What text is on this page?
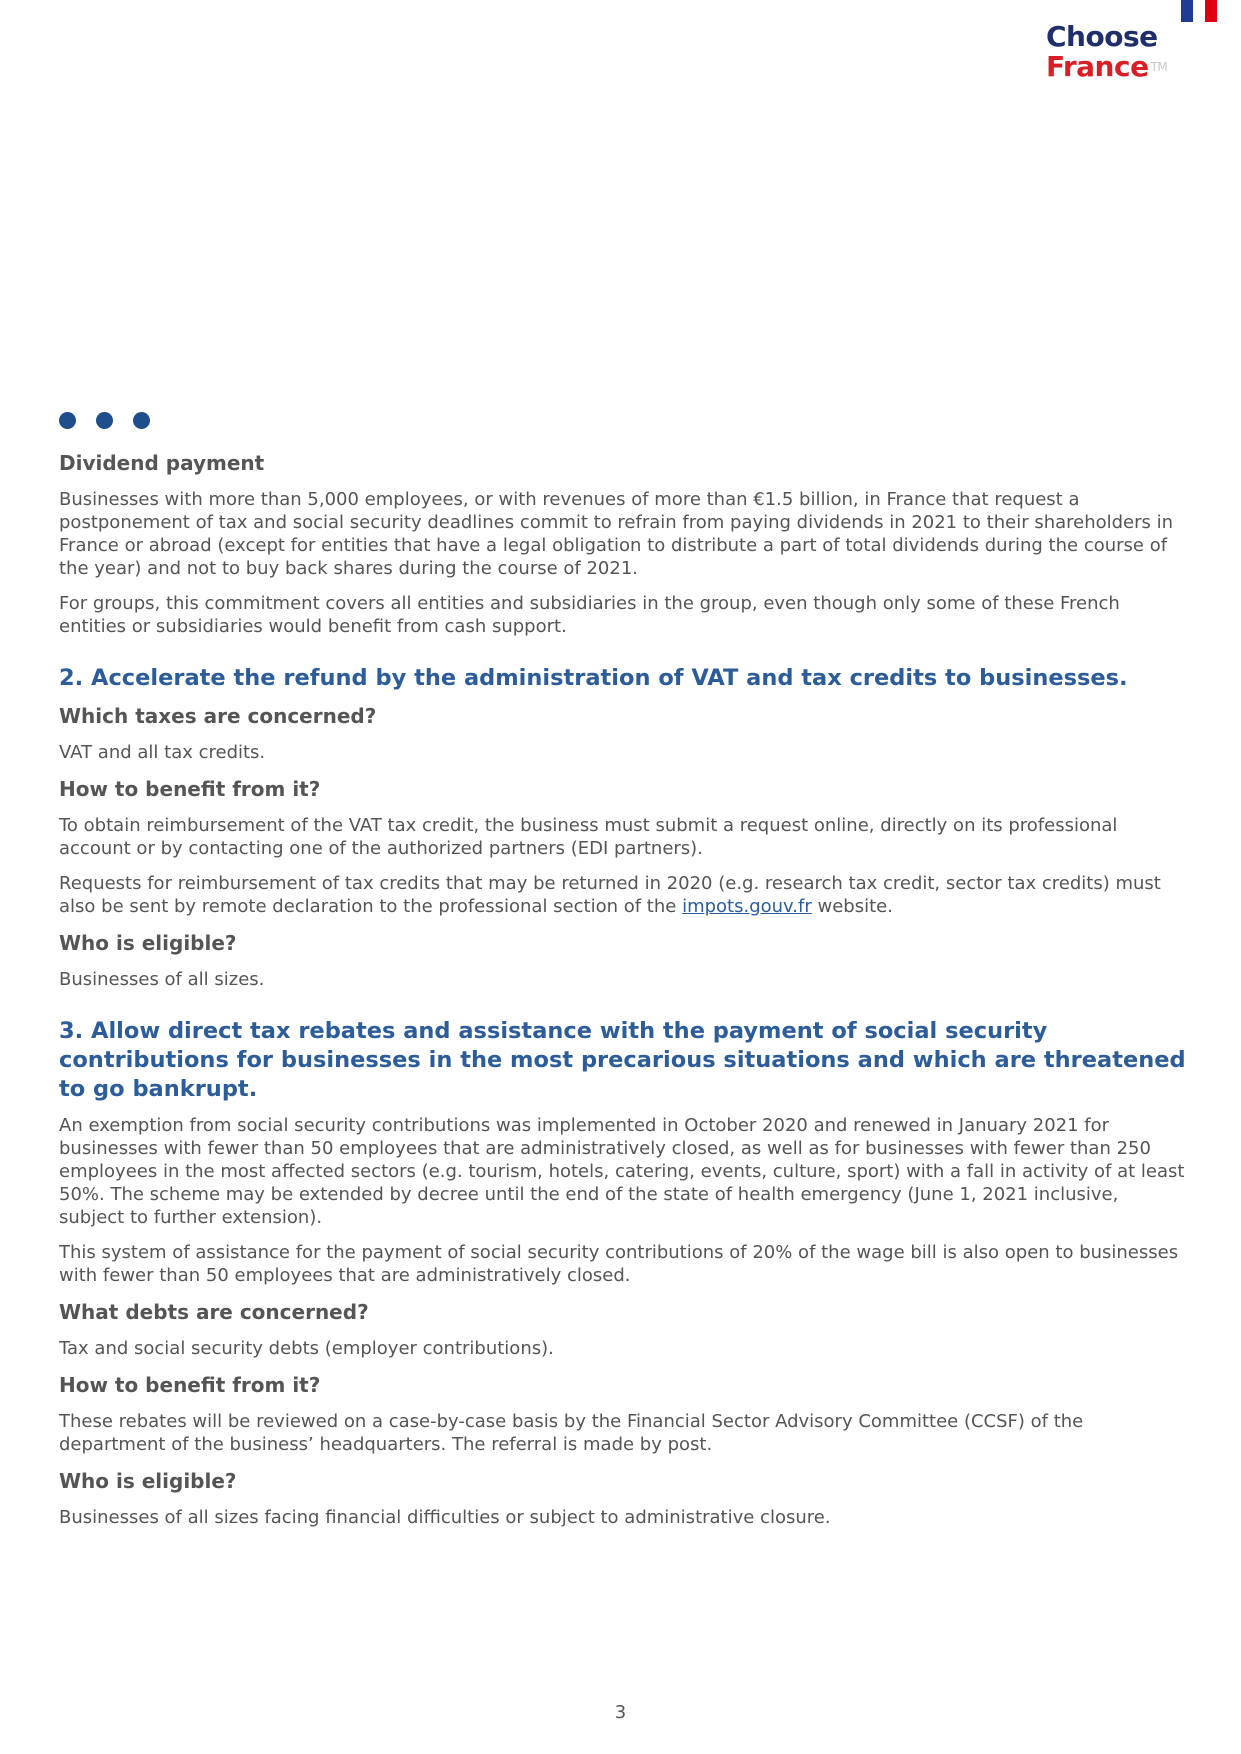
Choose
France ™
Dividend payment

Businesses with more than 5,000 employees, or with revenues of more than €1.5 billion, in France that request a postponement of tax and social security deadlines commit to refrain from paying dividends in 2021 to their shareholders in France or abroad (except for entities that have a legal obligation to distribute a part of total dividends during the course of the year) and not to buy back shares during the course of 2021.

For groups, this commitment covers all entities and subsidiaries in the group, even though only some of these French entities or subsidiaries would benefit from cash support.

2. Accelerate the refund by the administration of VAT and tax credits to businesses.
Which taxes are concerned?

VAT and all tax credits.

How to benefit from it?

To obtain reimbursement of the VAT tax credit, the business must submit a request online, directly on its professional account or by contacting one of the authorized partners (EDI partners).

Requests for reimbursement of tax credits that may be returned in 2020 (e.g. research tax credit, sector tax credits) must also be sent by remote declaration to the professional section of the impots.gouv.fr website.

Who is eligible?

Businesses of all sizes.

3. Allow direct tax rebates and assistance with the payment of social security contributions for businesses in the most precarious situations and which are threatened to go bankrupt.

An exemption from social security contributions was implemented in October 2020 and renewed in January 2021 for businesses with fewer than 50 employees that are administratively closed, as well as for businesses with fewer than 250 employees in the most affected sectors (e.g. tourism, hotels, catering, events, culture, sport) with a fall in activity of at least 50%. The scheme may be extended by decree until the end of the state of health emergency (June 1, 2021 inclusive, subject to further extension).

This system of assistance for the payment of social security contributions of 20% of the wage bill is also open to businesses with fewer than 50 employees that are administratively closed.

What debts are concerned?

Tax and social security debts (employer contributions).

How to benefit from it?

These rebates will be reviewed on a case-by-case basis by the Financial Sector Advisory Committee (CCSF) of the department of the business’ headquarters. The referral is made by post.

Who is eligible?

Businesses of all sizes facing financial difficulties or subject to administrative closure.

3
